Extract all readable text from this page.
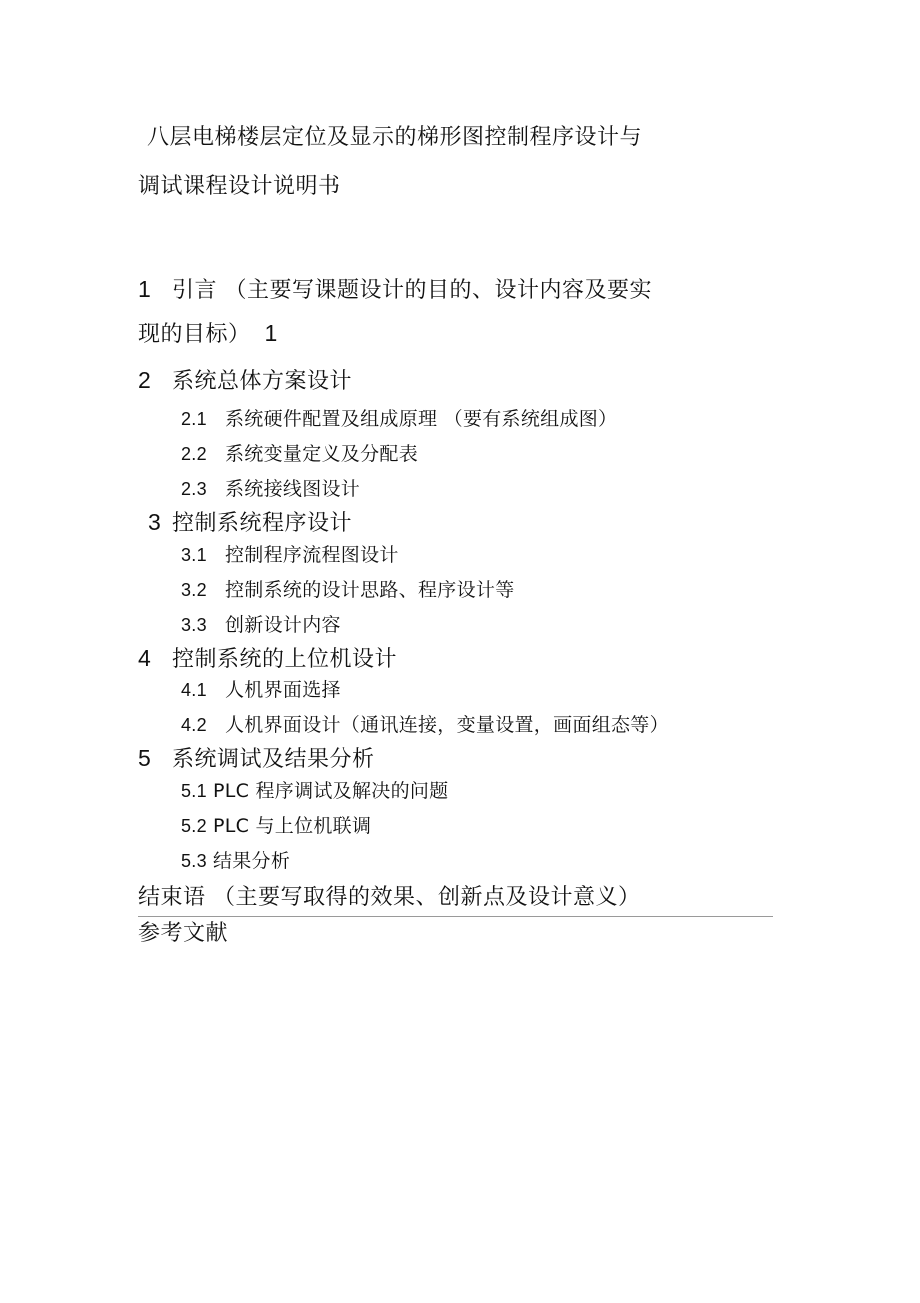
八层电梯楼层定位及显示的梯形图控制程序设计与
调试课程设计说明书
1 引言 （主要写课题设计的目的、设计内容及要实
现的目标） 1
2 系统总体方案设计
2.1 系统硬件配置及组成原理 （要有系统组成图）
2.2 系统变量定义及分配表
2.3 系统接线图设计
3 控制系统程序设计
3.1 控制程序流程图设计
3.2 控制系统的设计思路、程序设计等
3.3 创新设计内容
4 控制系统的上位机设计
4.1 人机界面选择
4.2 人机界面设计（通讯连接，变量设置，画面组态等）
5 系统调试及结果分析
5.1 PLC 程序调试及解决的问题
5.2 PLC 与上位机联调
5.3 结果分析
结束语 （主要写取得的效果、创新点及设计意义）
参考文献
